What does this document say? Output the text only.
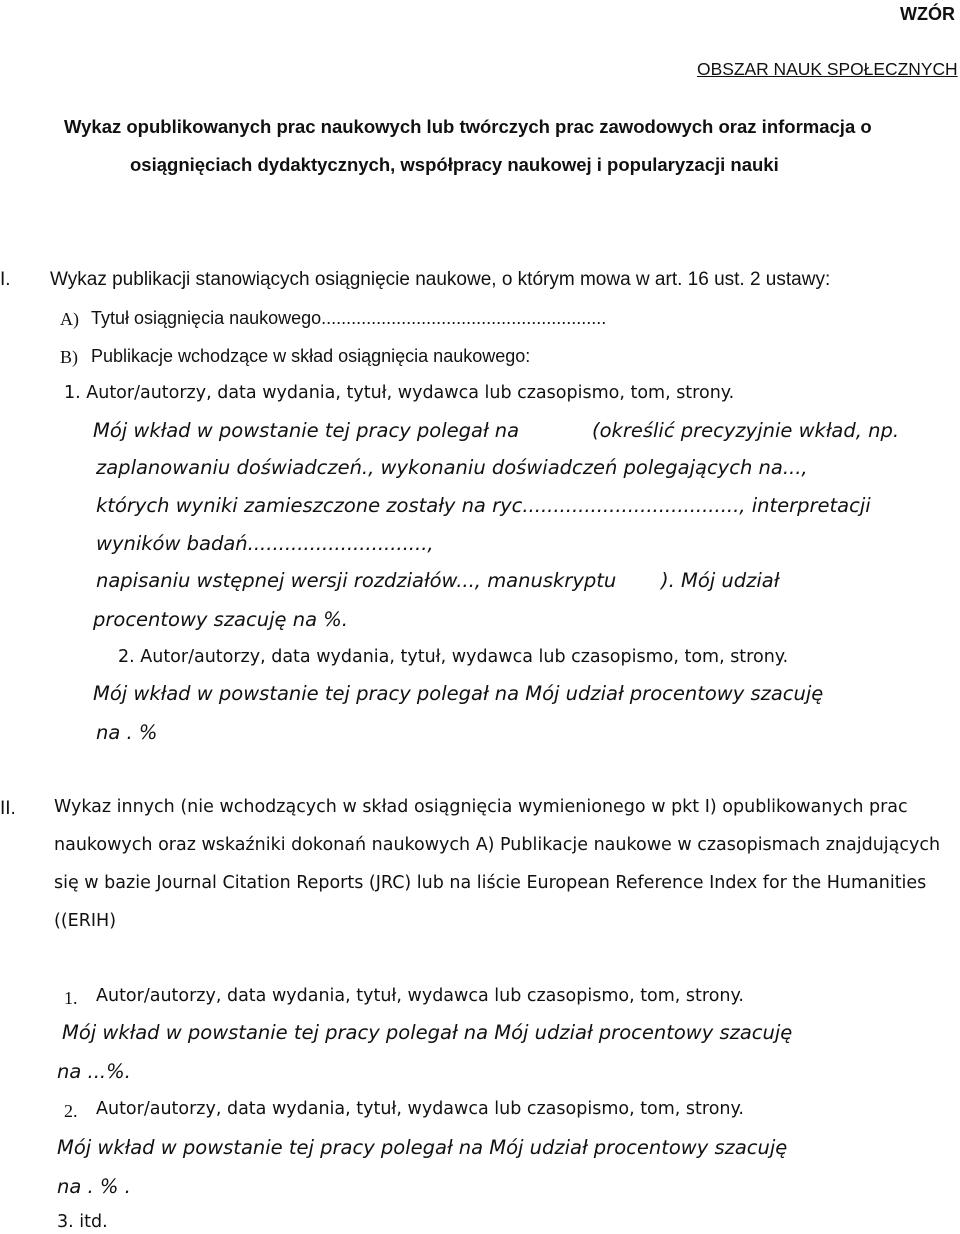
WZÓR
OBSZAR NAUK SPOŁECZNYCH
Wykaz opublikowanych prac naukowych lub twórczych prac zawodowych oraz informacja o
osiągnięciach dydaktycznych, współpracy naukowej i popularyzacji nauki
I. Wykaz publikacji stanowiących osiągnięcie naukowe, o którym mowa w art. 16 ust. 2 ustawy:
A) Tytuł osiągnięcia naukowego.........................................................
B) Publikacje wchodzące w skład osiągnięcia naukowego:
1. Autor/autorzy, data wydania, tytuł, wydawca lub czasopismo, tom, strony.
Mój wkład w powstanie tej pracy polegał na	(określić precyzyjnie wkład, np.
zaplanowaniu doświadczeń., wykonaniu doświadczeń polegających na...,
których wyniki zamieszczone zostały na ryc..................................., interpretacji
wyników badań.............................,
napisaniu wstępnej wersji rozdziałów..., manuskryptu ). Mój udział
procentowy szacuję na %.
2. Autor/autorzy, data wydania, tytuł, wydawca lub czasopismo, tom, strony.
Mój wkład w powstanie tej pracy polegał na Mój udział procentowy szacuję
na . %
II. Wykaz innych (nie wchodzących w skład osiągnięcia wymienionego w pkt I) opublikowanych prac
naukowych oraz wskaźniki dokonań naukowych A) Publikacje naukowe w czasopismach znajdujących
się w bazie Journal Citation Reports (JRC) lub na liście European Reference Index for the Humanities
((ERIH)
1. Autor/autorzy, data wydania, tytuł, wydawca lub czasopismo, tom, strony.
Mój wkład w powstanie tej pracy polegał na Mój udział procentowy szacuję
na ...%.
2. Autor/autorzy, data wydania, tytuł, wydawca lub czasopismo, tom, strony.
Mój wkład w powstanie tej pracy polegał na Mój udział procentowy szacuję
na . % .
3. itd.
